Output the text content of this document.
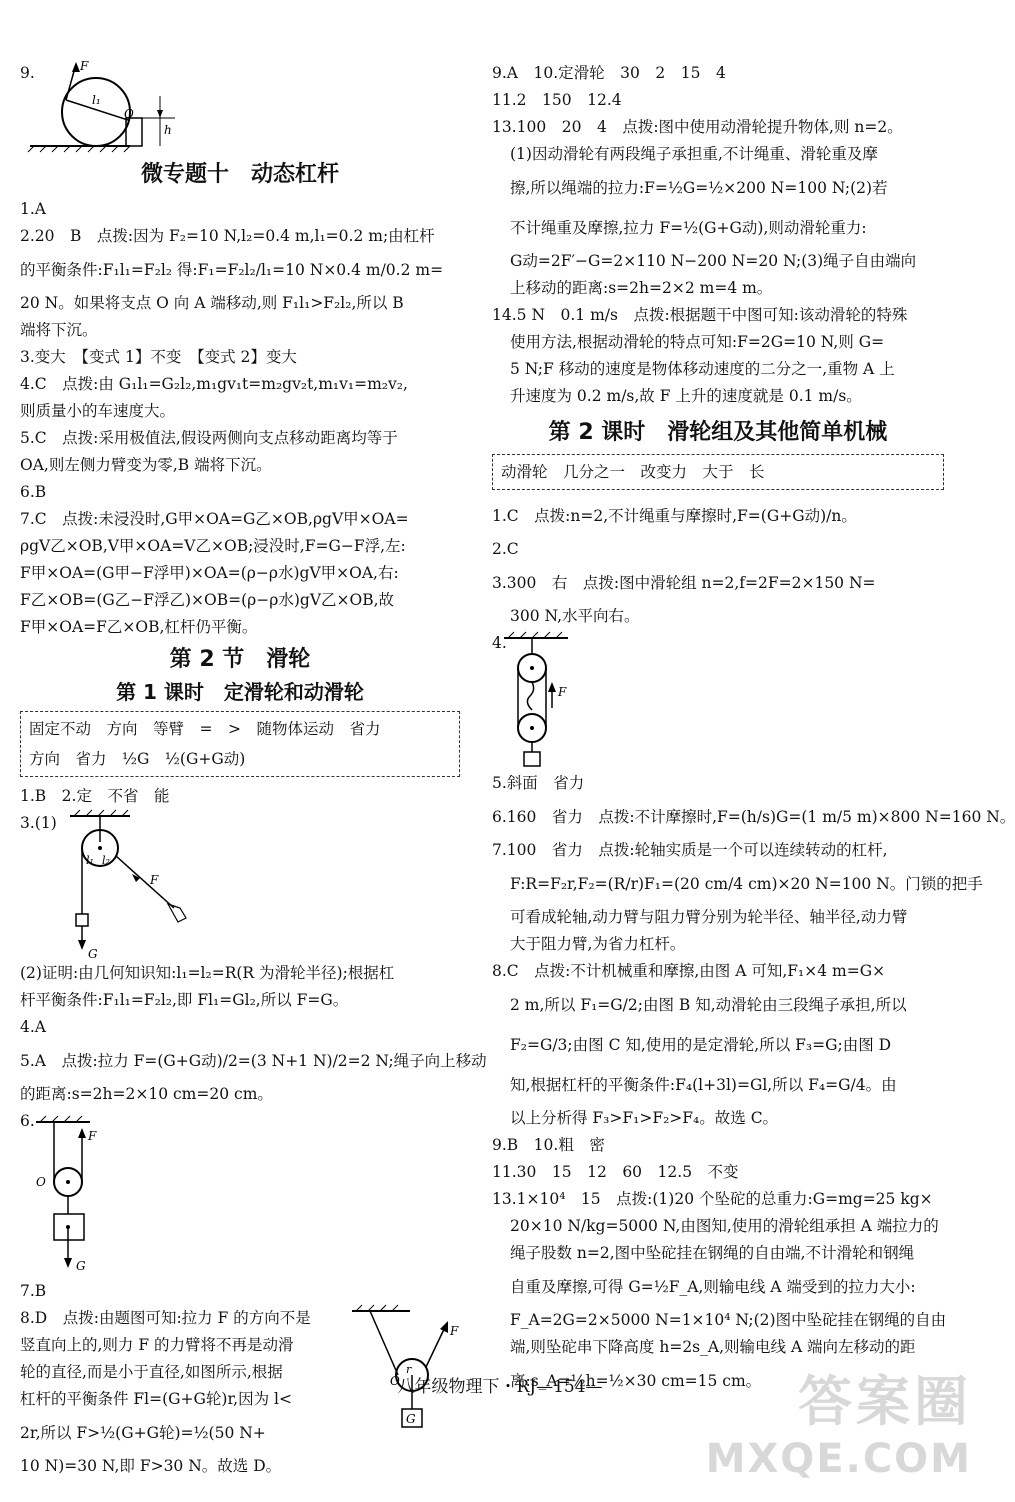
9.	F
l₁
O
h
微专题十　动态杠杆
1.A
2.20　B　点拨:因为 F₂=10 N,l₂=0.4 m,l₁=0.2 m;由杠杆
的平衡条件:F₁l₁=F₂l₂ 得:F₁=F₂l₂/l₁=10 N×0.4 m/0.2 m=
20 N。如果将支点 O 向 A 端移动,则 F₁l₁>F₂l₂,所以 B
端将下沉。
3.变大　【变式 1】不变　【变式 2】变大
4.C　点拨:由 G₁l₁=G₂l₂,m₁gv₁t=m₂gv₂t,m₁v₁=m₂v₂,
则质量小的车速度大。
5.C　点拨:采用极值法,假设两侧向支点移动距离均等于
OA,则左侧力臂变为零,B 端将下沉。
6.B
7.C　点拨:未浸没时,G甲×OA=G乙×OB,ρgV甲×OA=
ρgV乙×OB,V甲×OA=V乙×OB;浸没时,F=G−F浮,左:
F甲×OA=(G甲−F浮甲)×OA=(ρ−ρ水)gV甲×OA,右:
F乙×OB=(G乙−F浮乙)×OB=(ρ−ρ水)gV乙×OB,故
F甲×OA=F乙×OB,杠杆仍平衡。
第 2 节　滑轮
第 1 课时　定滑轮和动滑轮
固定不动　方向　等臂　=　>　随物体运动　省力
方向　省力　½G　½(G+G动)
1.B　2.定　不省　能
3.(1)
F
l₁ l₂
G
(2)证明:由几何知识知:l₁=l₂=R(R 为滑轮半径);根据杠
杆平衡条件:F₁l₁=F₂l₂,即 Fl₁=Gl₂,所以 F=G。
4.A
5.A　点拨:拉力 F=(G+G动)/2=(3 N+1 N)/2=2 N;绳子向上移动
的距离:s=2h=2×10 cm=20 cm。
6.
F
O
G
7.B
8.D　点拨:由题图可知:拉力 F 的方向不是
竖直向上的,则力 F 的力臂将不再是动滑
轮的直径,而是小于直径,如图所示,根据
杠杆的平衡条件 Fl=(G+G轮)r,因为 l<
2r,所以 F>½(G+G轮)=½(50 N+
10 N)=30 N,即 F>30 N。故选 D。
F
O
r
G
9.A　10.定滑轮　30　2　15　4
11.2　150　12.4
13.100　20　4　点拨:图中使用动滑轮提升物体,则 n=2。
(1)因动滑轮有两段绳子承担重,不计绳重、滑轮重及摩
擦,所以绳端的拉力:F=½G=½×200 N=100 N;(2)若
不计绳重及摩擦,拉力 F=½(G+G动),则动滑轮重力:
G动=2F′−G=2×110 N−200 N=20 N;(3)绳子自由端向
上移动的距离:s=2h=2×2 m=4 m。
14.5 N　0.1 m/s　点拨:根据题干中图可知:该动滑轮的特殊
使用方法,根据动滑轮的特点可知:F=2G=10 N,则 G=
5 N;F 移动的速度是物体移动速度的二分之一,重物 A 上
升速度为 0.2 m/s,故 F 上升的速度就是 0.1 m/s。
第 2 课时　滑轮组及其他简单机械
动滑轮　几分之一　改变力　大于　长
1.C　点拨:n=2,不计绳重与摩擦时,F=(G+G动)/n。
2.C
3.300　右　点拨:图中滑轮组 n=2,f=2F=2×150 N=
300 N,水平向右。
4.
F
5.斜面　省力
6.160　省力　点拨:不计摩擦时,F=(h/s)G=(1 m/5 m)×800 N=160 N。
7.100　省力　点拨:轮轴实质是一个可以连续转动的杠杆,
F:R=F₂r,F₂=(R/r)F₁=(20 cm/4 cm)×20 N=100 N。门锁的把手
可看成轮轴,动力臂与阻力臂分别为轮半径、轴半径,动力臂
大于阻力臂,为省力杠杆。
8.C　点拨:不计机械重和摩擦,由图 A 可知,F₁×4 m=G×
2 m,所以 F₁=G/2;由图 B 知,动滑轮由三段绳子承担,所以
F₂=G/3;由图 C 知,使用的是定滑轮,所以 F₃=G;由图 D
知,根据杠杆的平衡条件:F₄(l+3l)=Gl,所以 F₄=G/4。由
以上分析得 F₃>F₁>F₂>F₄。故选 C。
9.B　10.粗　密
11.30　15　12　60　12.5　不变
13.1×10⁴　15　点拨:(1)20 个坠砣的总重力:G=mg=25 kg×
20×10 N/kg=5000 N,由图知,使用的滑轮组承担 A 端拉力的
绳子股数 n=2,图中坠砣挂在钢绳的自由端,不计滑轮和钢绳
自重及摩擦,可得 G=½F_A,则输电线 A 端受到的拉力大小:
F_A=2G=2×5000 N=1×10⁴ N;(2)图中坠砣挂在钢绳的自由
端,则坠砣串下降高度 h=2s_A,则输电线 A 端向左移动的距
离:s_A=½h=½×30 cm=15 cm。
八年级物理下・RJ—154—	答案圈
MXQE.COM
